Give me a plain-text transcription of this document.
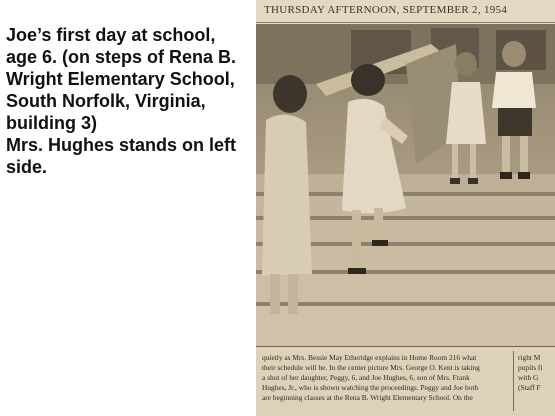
Joe’s first day at school,

age 6. (on steps of Rena B.

Wright Elementary School,

South Norfolk, Virginia,

building 3)

Mrs. Hughes stands on left

side.

THURSDAY AFTERNOON, SEPTEMBER 2, 1954

quietly as Mrs. Bessie May Etheridge explains in Home Room 216 what
their schedule will be. In the center picture Mrs. George O. Kent is taking
a shot of her daughter, Peggy, 6, and Joe Hughes, 6, son of Mrs. Frank
Hughes, Jr., who is shown watching the proceedings. Peggy and Joe both
are beginning classes at the Rena B. Wright Elementary School. On the

right M
pupils fi
with G
(Staff F
